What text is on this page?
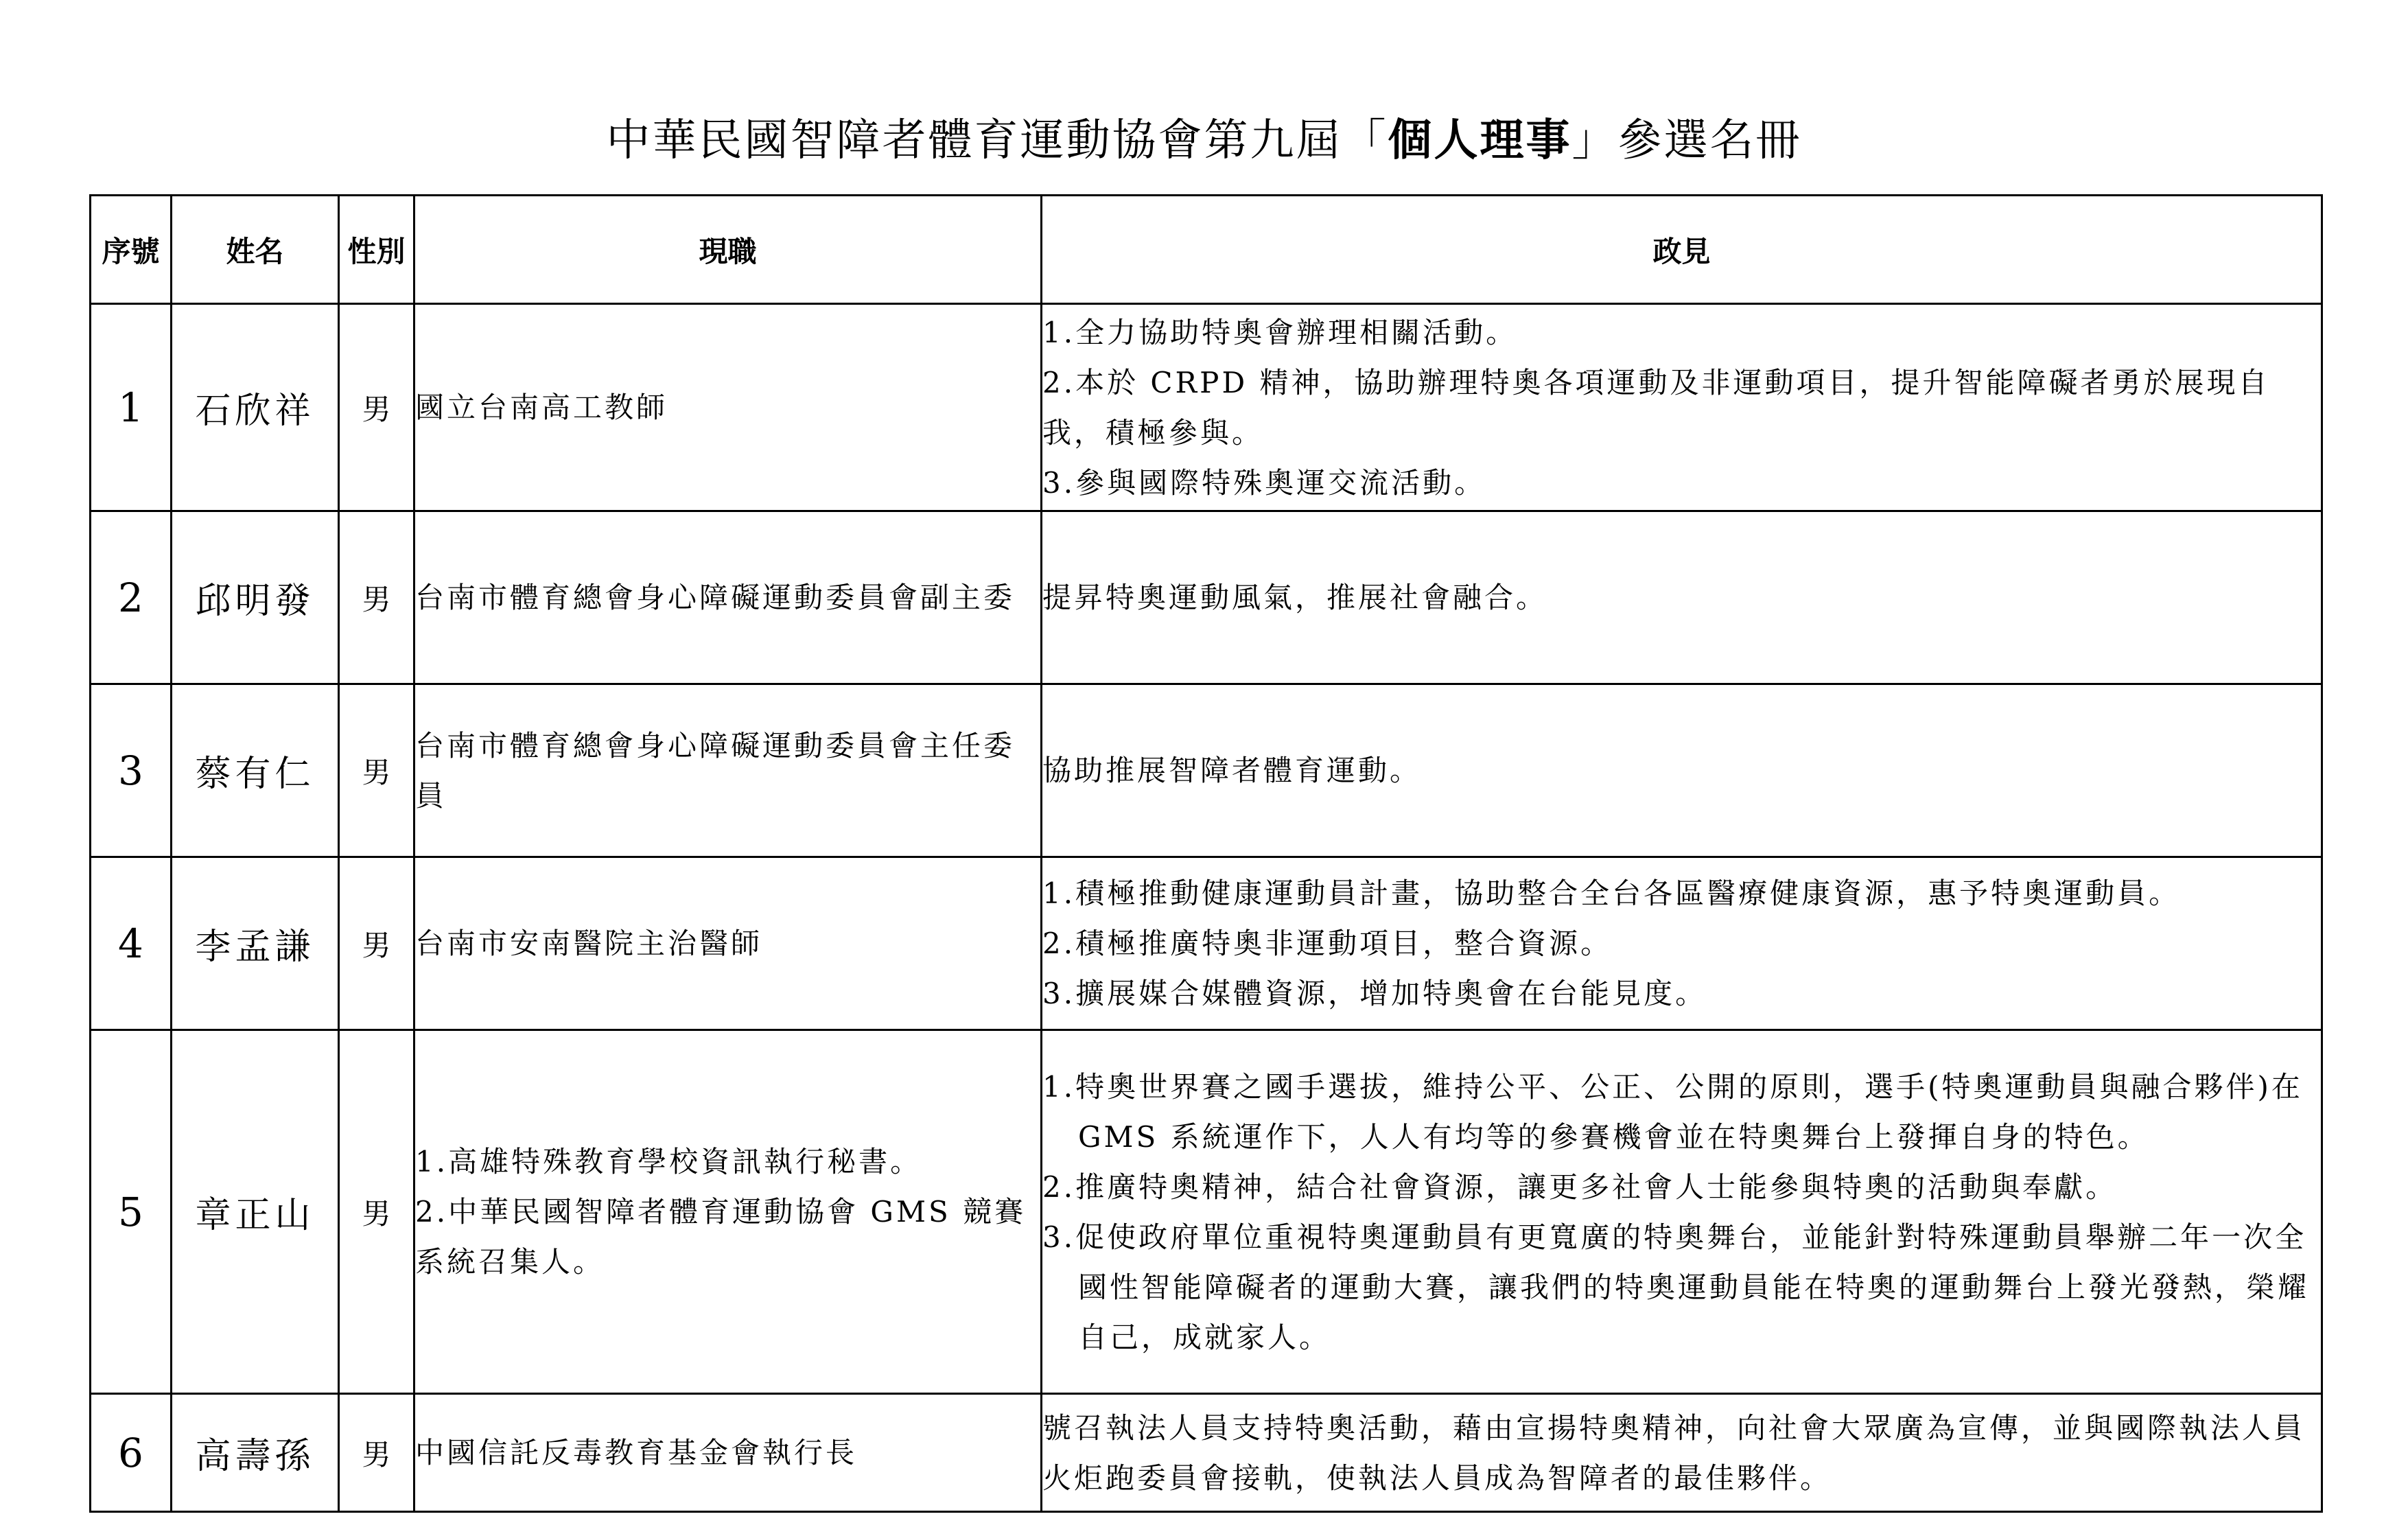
中華民國智障者體育運動協會第九屆「個人理事」參選名冊
序號	姓名	性別	現職	政見
1	石欣祥	男	國立台南高工教師	1.全力協助特奧會辦理相關活動。
2.本於 CRPD 精神，協助辦理特奧各項運動及非運動項目，提升智能障礙者勇於展現自我，積極參與。
3.參與國際特殊奧運交流活動。

2	邱明發	男	台南市體育總會身心障礙運動委員會副主委	提昇特奧運動風氣，推展社會融合。

3	蔡有仁	男	台南市體育總會身心障礙運動委員會主任委員	協助推展智障者體育運動。

4	李孟謙	男	台南市安南醫院主治醫師	1.積極推動健康運動員計畫，協助整合全台各區醫療健康資源，惠予特奧運動員。
2.積極推廣特奧非運動項目，整合資源。
3.擴展媒合媒體資源，增加特奧會在台能見度。

5	章正山	男	1.高雄特殊教育學校資訊執行秘書。
2.中華民國智障者體育運動協會 GMS 競賽系統召集人。	1.特奧世界賽之國手選拔，維持公平、公正、公開的原則，選手(特奧運動員與融合夥伴)在 GMS 系統運作下，人人有均等的參賽機會並在特奧舞台上發揮自身的特色。
2.推廣特奧精神，結合社會資源，讓更多社會人士能參與特奧的活動與奉獻。
3.促使政府單位重視特奧運動員有更寬廣的特奧舞台，並能針對特殊運動員舉辦二年一次全國性智能障礙者的運動大賽，讓我們的特奧運動員能在特奧的運動舞台上發光發熱，榮耀自己，成就家人。

6	高壽孫	男	中國信託反毒教育基金會執行長	號召執法人員支持特奧活動，藉由宣揚特奧精神，向社會大眾廣為宣傳，並與國際執法人員火炬跑委員會接軌，使執法人員成為智障者的最佳夥伴。
